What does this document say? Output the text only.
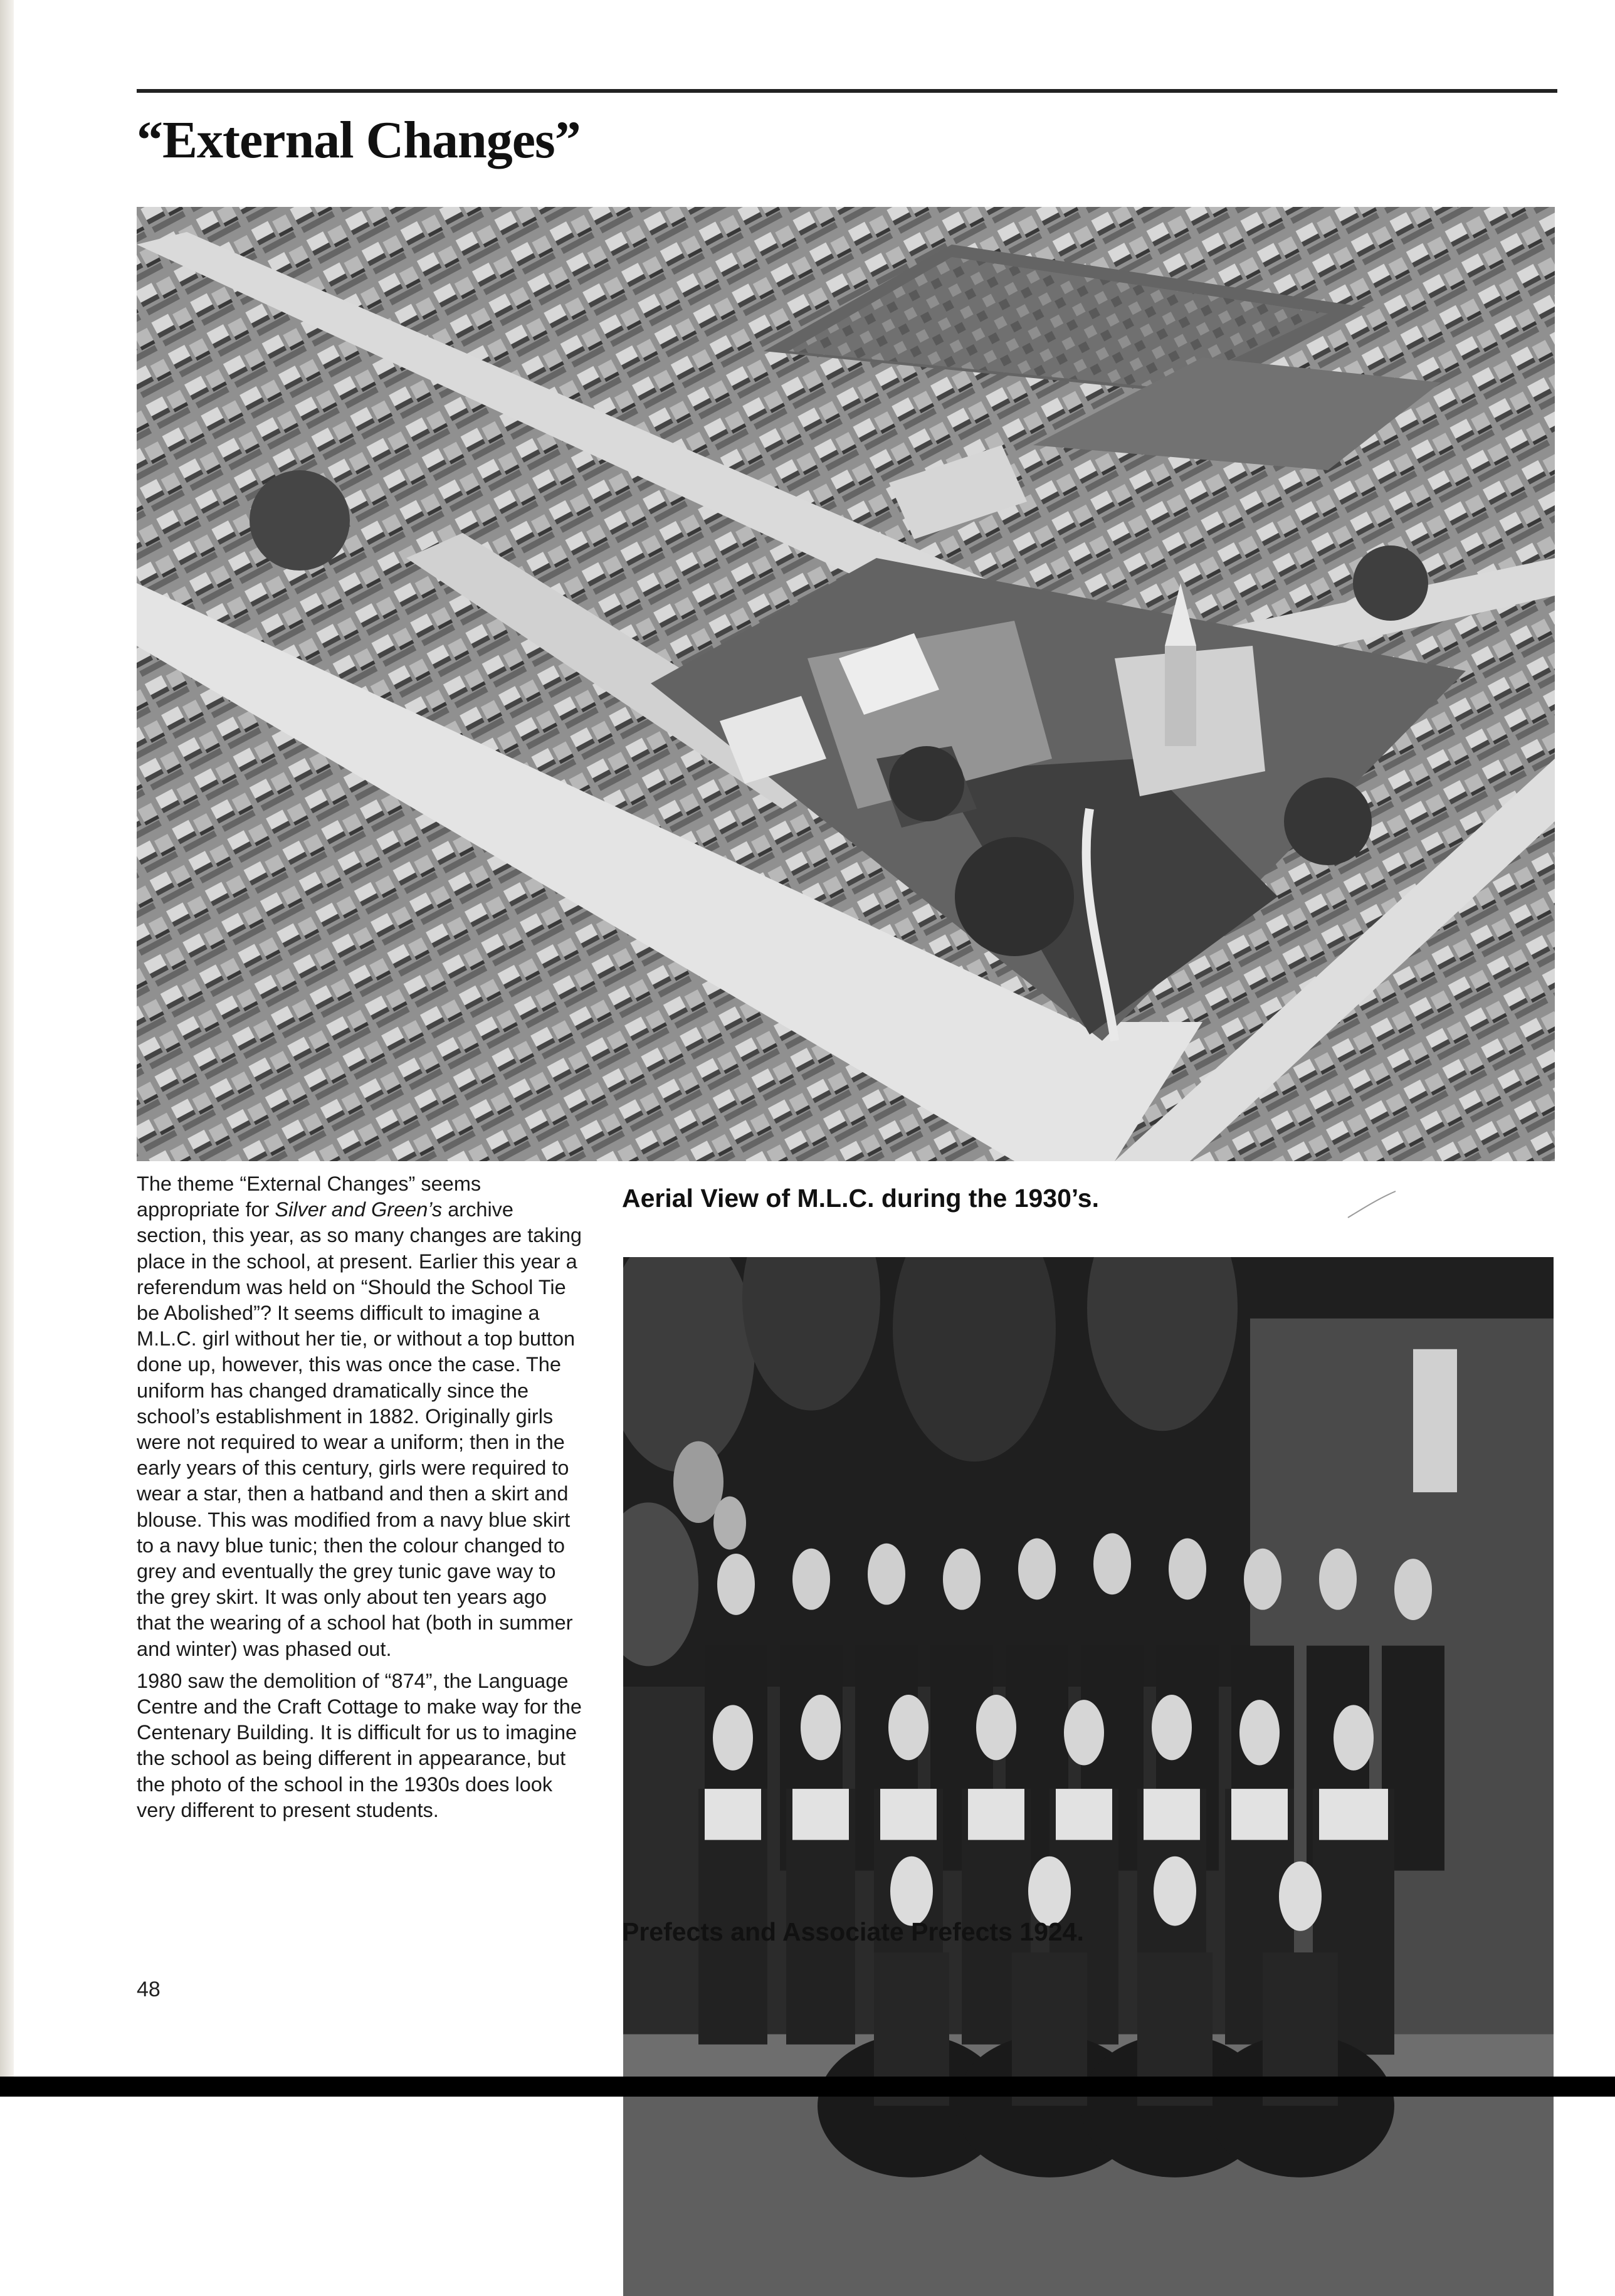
“External Changes”

Aerial View of M.L.C. during the 1930’s.

The theme “External Changes” seems appropriate for Silver and Green’s archive section, this year, as so many changes are taking place in the school, at present. Earlier this year a referendum was held on “Should the School Tie be Abolished”? It seems difficult to imagine a M.L.C. girl without her tie, or without a top button done up, however, this was once the case. The uniform has changed dramatically since the school’s establishment in 1882. Originally girls were not required to wear a uniform; then in the early years of this century, girls were required to wear a star, then a hatband and then a skirt and blouse. This was modified from a navy blue skirt to a navy blue tunic; then the colour changed to grey and eventually the grey tunic gave way to the grey skirt. It was only about ten years ago that the wearing of a school hat (both in summer and winter) was phased out.

1980 saw the demolition of “874”, the Language Centre and the Craft Cottage to make way for the Centenary Building. It is difficult for us to imagine the school as being different in appearance, but the photo of the school in the 1930s does look very different to present students.

Prefects and Associate Prefects 1924.

48
